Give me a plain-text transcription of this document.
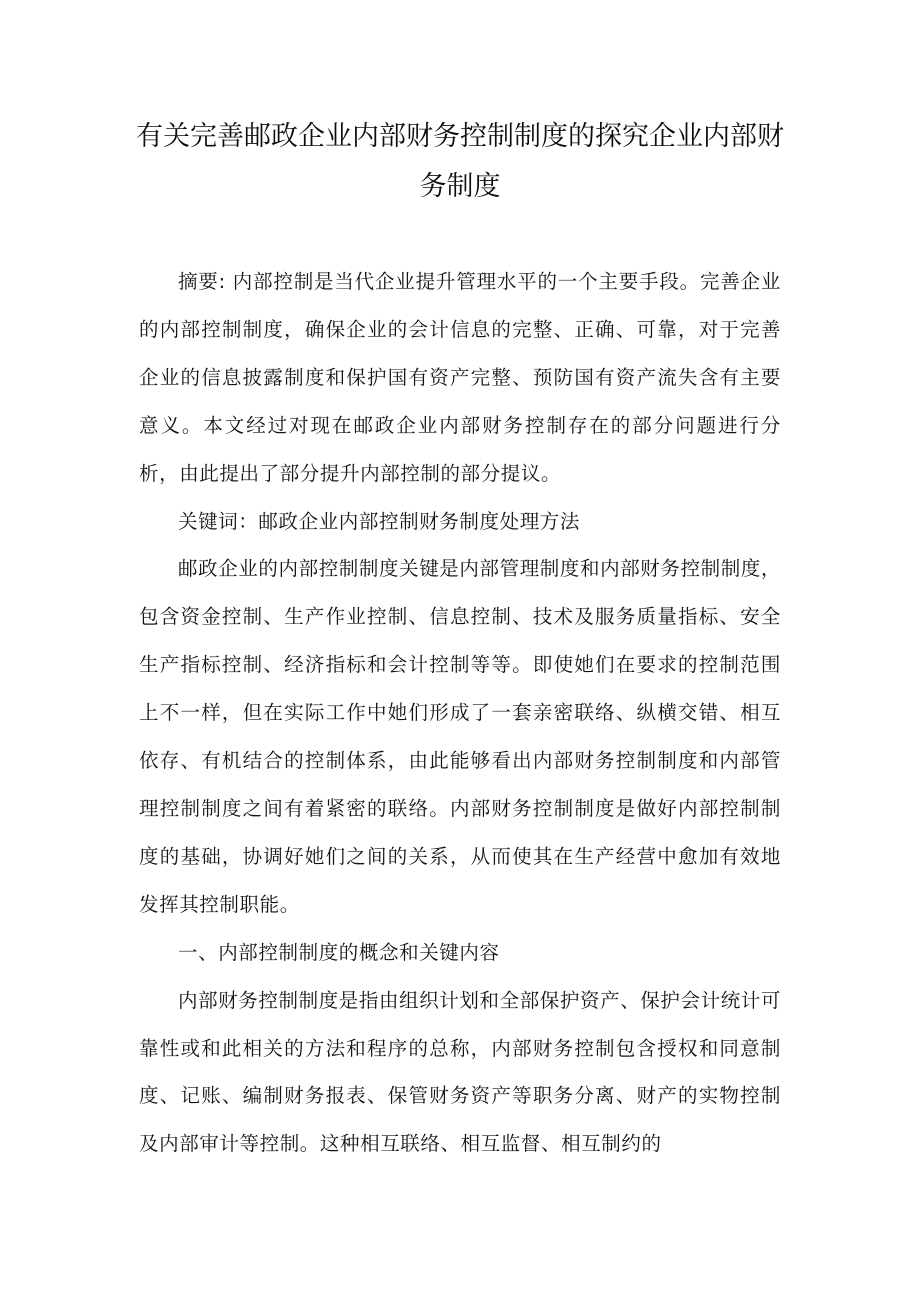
有关完善邮政企业内部财务控制制度的探究企业内部财务制度

摘要: 内部控制是当代企业提升管理水平的一个主要手段。完善企业的内部控制制度，确保企业的会计信息的完整、正确、可靠，对于完善企业的信息披露制度和保护国有资产完整、预防国有资产流失含有主要意义。本文经过对现在邮政企业内部财务控制存在的部分问题进行分析，由此提出了部分提升内部控制的部分提议。

关键词：邮政企业内部控制财务制度处理方法

邮政企业的内部控制制度关键是内部管理制度和内部财务控制制度，包含资金控制、生产作业控制、信息控制、技术及服务质量指标、安全生产指标控制、经济指标和会计控制等等。即使她们在要求的控制范围上不一样，但在实际工作中她们形成了一套亲密联络、纵横交错、相互依存、有机结合的控制体系，由此能够看出内部财务控制制度和内部管理控制制度之间有着紧密的联络。内部财务控制制度是做好内部控制制度的基础，协调好她们之间的关系，从而使其在生产经营中愈加有效地发挥其控制职能。

一、内部控制制度的概念和关键内容

内部财务控制制度是指由组织计划和全部保护资产、保护会计统计可靠性或和此相关的方法和程序的总称，内部财务控制包含授权和同意制度、记账、编制财务报表、保管财务资产等职务分离、财产的实物控制及内部审计等控制。这种相互联络、相互监督、相互制约的
